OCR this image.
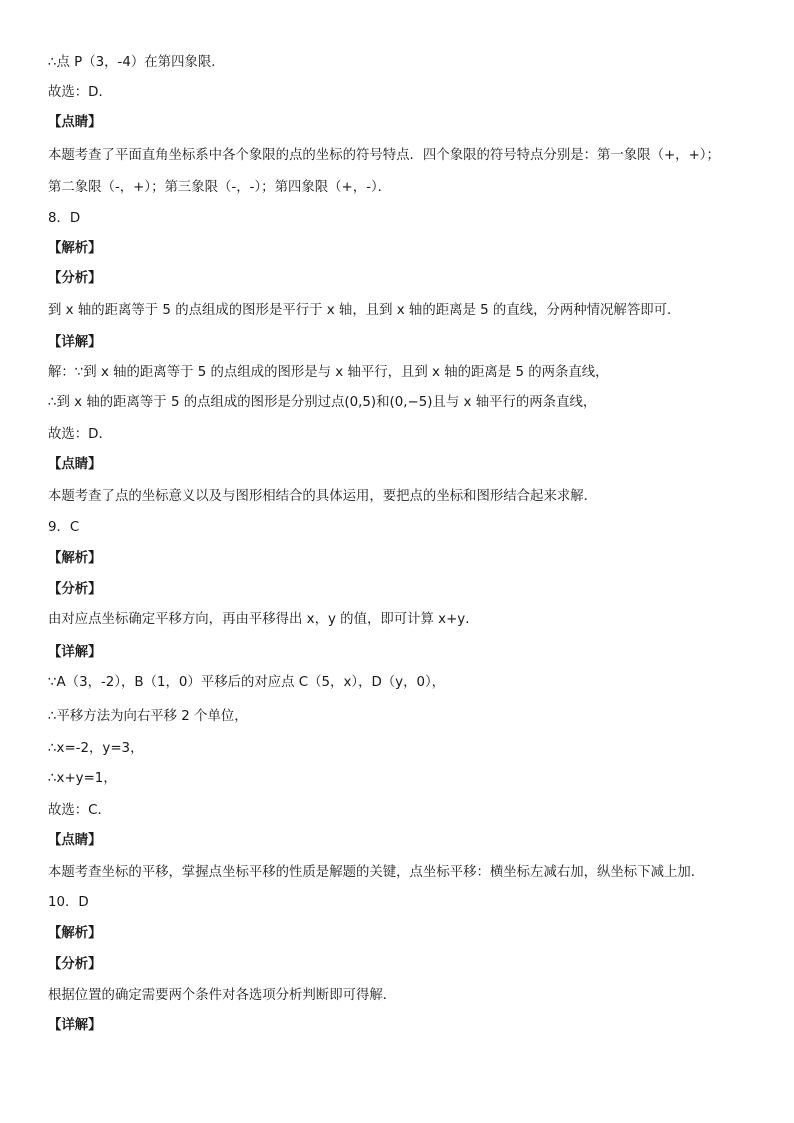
∴点 P（3，-4）在第四象限．
故选：D．
【点睛】
本题考查了平面直角坐标系中各个象限的点的坐标的符号特点．四个象限的符号特点分别是：第一象限（+，+）；
第二象限（-，+）；第三象限（-，-）；第四象限（+，-）．
8．D
【解析】
【分析】
到 x 轴的距离等于 5 的点组成的图形是平行于 x 轴，且到 x 轴的距离是 5 的直线，分两种情况解答即可．
【详解】
解：∵到 x 轴的距离等于 5 的点组成的图形是与 x 轴平行，且到 x 轴的距离是 5 的两条直线，
∴到 x 轴的距离等于 5 的点组成的图形是分别过点(0,5)和(0,−5)且与 x 轴平行的两条直线，
故选：D．
【点睛】
本题考查了点的坐标意义以及与图形相结合的具体运用，要把点的坐标和图形结合起来求解．
9．C
【解析】
【分析】
由对应点坐标确定平移方向，再由平移得出 x，y 的值，即可计算 x+y．
【详解】
∵A（3，-2），B（1，0）平移后的对应点 C（5，x），D（y，0），
∴平移方法为向右平移 2 个单位，
∴x=-2，y=3，
∴x+y=1，
故选：C．
【点睛】
本题考查坐标的平移，掌握点坐标平移的性质是解题的关键，点坐标平移：横坐标左减右加，纵坐标下减上加．
10．D
【解析】
【分析】
根据位置的确定需要两个条件对各选项分析判断即可得解．
【详解】
